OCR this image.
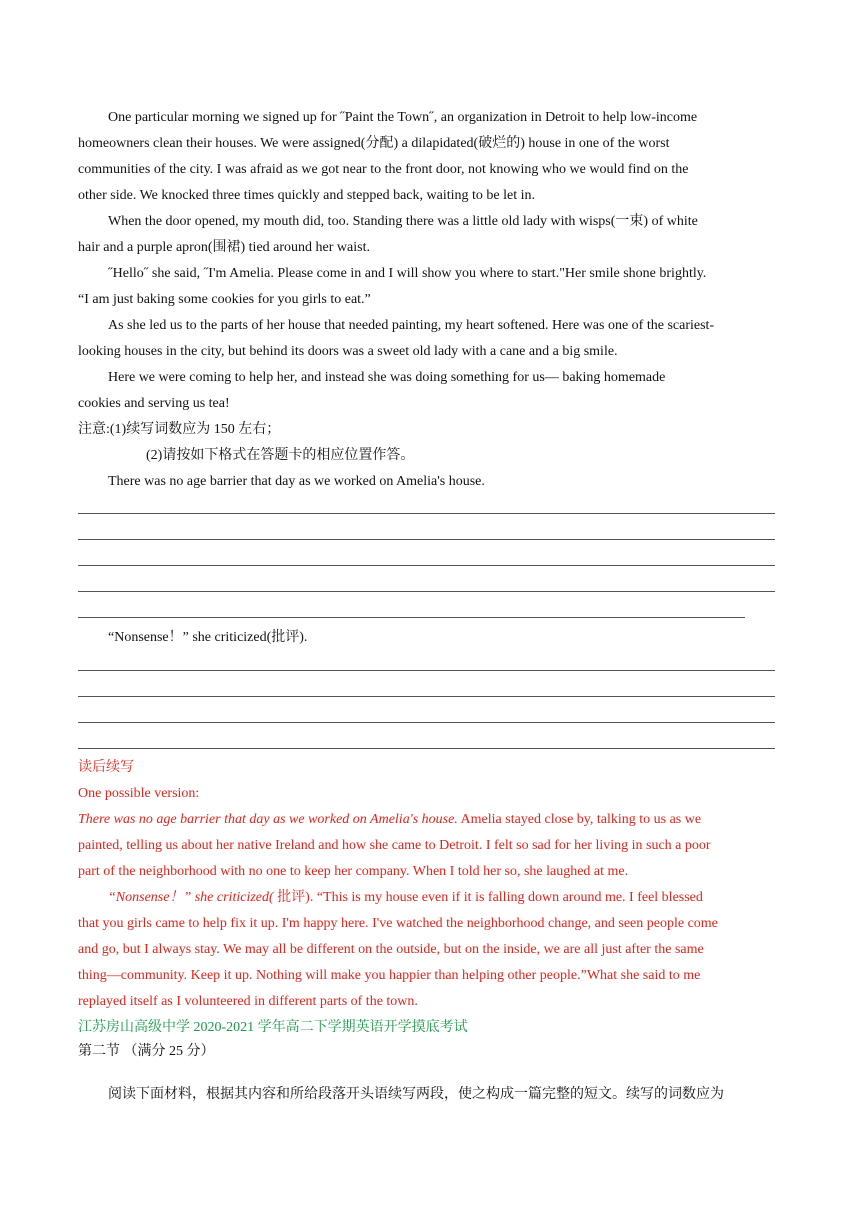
One particular morning we signed up for ˝Paint the Town˝, an organization in Detroit to help low-income
homeowners clean their houses. We were assigned(分配) a dilapidated(破烂的) house in one of the worst
communities of the city. I was afraid as we got near to the front door, not knowing who we would find on the
other side. We knocked three times quickly and stepped back, waiting to be let in.
When the door opened, my mouth did, too. Standing there was a little old lady with wisps(一束) of white
hair and a purple apron(围裙) tied around her waist.
˝Hello˝ she said, ˝I'm Amelia. Please come in and I will show you where to start."Her smile shone brightly.
“I am just baking some cookies for you girls to eat.”
As she led us to the parts of her house that needed painting, my heart softened. Here was one of the scariest-
looking houses in the city, but behind its doors was a sweet old lady with a cane and a big smile.
Here we were coming to help her, and instead she was doing something for us— baking homemade
cookies and serving us tea!
注意:(1)续写词数应为 150 左右；
(2)请按如下格式在答题卡的相应位置作答。
There was no age barrier that day as we worked on Amelia's house.
“Nonsense！” she criticized(批评).
读后续写
One possible version:
There was no age barrier that day as we worked on Amelia's house. Amelia stayed close by, talking to us as we
painted, telling us about her native Ireland and how she came to Detroit. I felt so sad for her living in such a poor
part of the neighborhood with no one to keep her company. When I told her so, she laughed at me.
“Nonsense！” she criticized( 批评). “This is my house even if it is falling down around me. I feel blessed
that you girls came to help fix it up. I'm happy here. I've watched the neighborhood change, and seen people come
and go, but I always stay. We may all be different on the outside, but on the inside, we are all just after the same
thing—community. Keep it up. Nothing will make you happier than helping other people.”What she said to me
replayed itself as I volunteered in different parts of the town.
江苏房山高级中学 2020-2021 学年高二下学期英语开学摸底考试
第二节 （满分 25 分）
阅读下面材料，根据其内容和所给段落开头语续写两段，使之构成一篇完整的短文。续写的词数应为
